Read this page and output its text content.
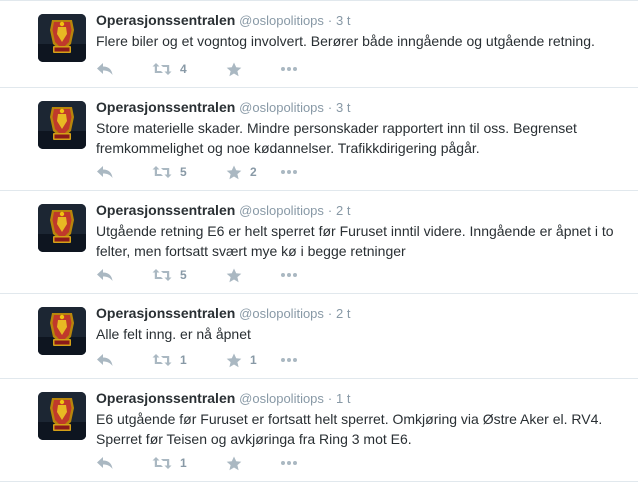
Operasjonssentralen @oslopolitiops · 3 t
Flere biler og et vogntog involvert. Berører både inngående og utgående retning.
4
Operasjonssentralen @oslopolitiops · 3 t
Store materielle skader. Mindre personskader rapportert inn til oss. Begrenset fremkommelighet og noe kødannelser. Trafikkdirigering pågår.
5	2
Operasjonssentralen @oslopolitiops · 2 t
Utgående retning E6 er helt sperret før Furuset inntil videre. Inngående er åpnet i to felter, men fortsatt svært mye kø i begge retninger
5
Operasjonssentralen @oslopolitiops · 2 t
Alle felt inng. er nå åpnet
1	1
Operasjonssentralen @oslopolitiops · 1 t
E6 utgående før Furuset er fortsatt helt sperret. Omkjøring via Østre Aker el. RV4. Sperret før Teisen og avkjøringa fra Ring 3 mot E6.
1
